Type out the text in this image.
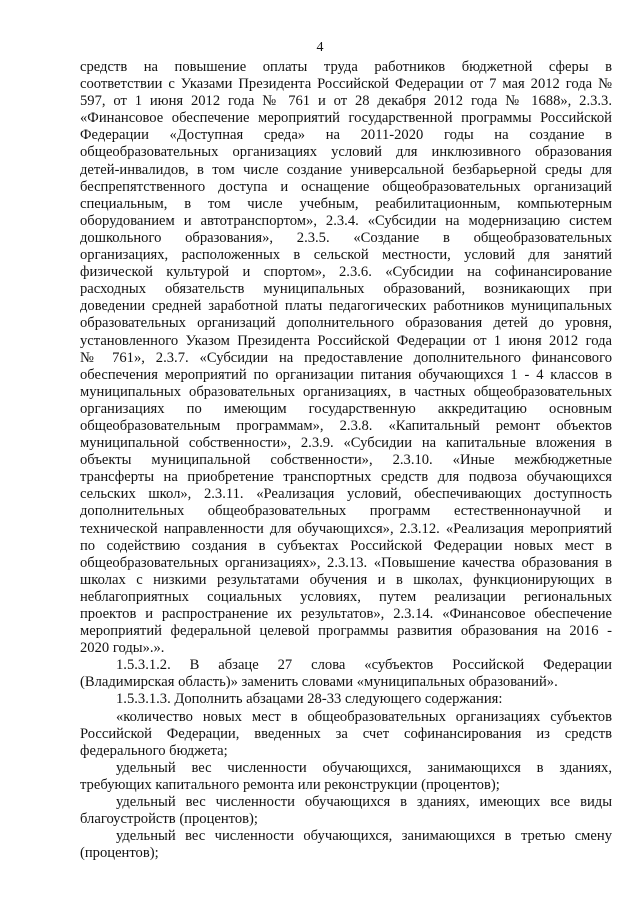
4
средств на повышение оплаты труда работников бюджетной сферы в
соответствии с Указами Президента Российской Федерации от 7 мая 2012 года №
597, от 1 июня 2012 года № 761 и от 28 декабря 2012 года № 1688», 2.3.3.
«Финансовое обеспечение мероприятий государственной программы Российской
Федерации «Доступная среда» на 2011-2020 годы на создание в
общеобразовательных организациях условий для инклюзивного образования
детей-инвалидов, в том числе создание универсальной безбарьерной среды для
беспрепятственного доступа и оснащение общеобразовательных организаций
специальным, в том числе учебным, реабилитационным, компьютерным
оборудованием и автотранспортом», 2.3.4. «Субсидии на модернизацию систем
дошкольного образования», 2.3.5. «Создание в общеобразовательных
организациях, расположенных в сельской местности, условий для занятий
физической культурой и спортом», 2.3.6. «Субсидии на софинансирование
расходных обязательств муниципальных образований, возникающих при
доведении средней заработной платы педагогических работников муниципальных
образовательных организаций дополнительного образования детей до уровня,
установленного Указом Президента Российской Федерации от 1 июня 2012 года
№ 761», 2.3.7. «Субсидии на предоставление дополнительного финансового
обеспечения мероприятий по организации питания обучающихся 1 - 4 классов в
муниципальных образовательных организациях, в частных общеобразовательных
организациях по имеющим государственную аккредитацию основным
общеобразовательным программам», 2.3.8. «Капитальный ремонт объектов
муниципальной собственности», 2.3.9. «Субсидии на капитальные вложения в
объекты муниципальной собственности», 2.3.10. «Иные межбюджетные
трансферты на приобретение транспортных средств для подвоза обучающихся
сельских школ», 2.3.11. «Реализация условий, обеспечивающих доступность
дополнительных общеобразовательных программ естественнонаучной и
технической направленности для обучающихся», 2.3.12. «Реализация мероприятий
по содействию создания в субъектах Российской Федерации новых мест в
общеобразовательных организациях», 2.3.13. «Повышение качества образования в
школах с низкими результатами обучения и в школах, функционирующих в
неблагоприятных социальных условиях, путем реализации региональных
проектов и распространение их результатов», 2.3.14. «Финансовое обеспечение
мероприятий федеральной целевой программы развития образования на 2016 -
2020 годы».».
1.5.3.1.2. В абзаце 27 слова «субъектов Российской Федерации
(Владимирская область)» заменить словами «муниципальных образований».
1.5.3.1.3. Дополнить абзацами 28-33 следующего содержания:
«количество новых мест в общеобразовательных организациях субъектов
Российской Федерации, введенных за счет софинансирования из средств
федерального бюджета;
удельный вес численности обучающихся, занимающихся в зданиях,
требующих капитального ремонта или реконструкции (процентов);
удельный вес численности обучающихся в зданиях, имеющих все виды
благоустройств (процентов);
удельный вес численности обучающихся, занимающихся в третью смену
(процентов);
